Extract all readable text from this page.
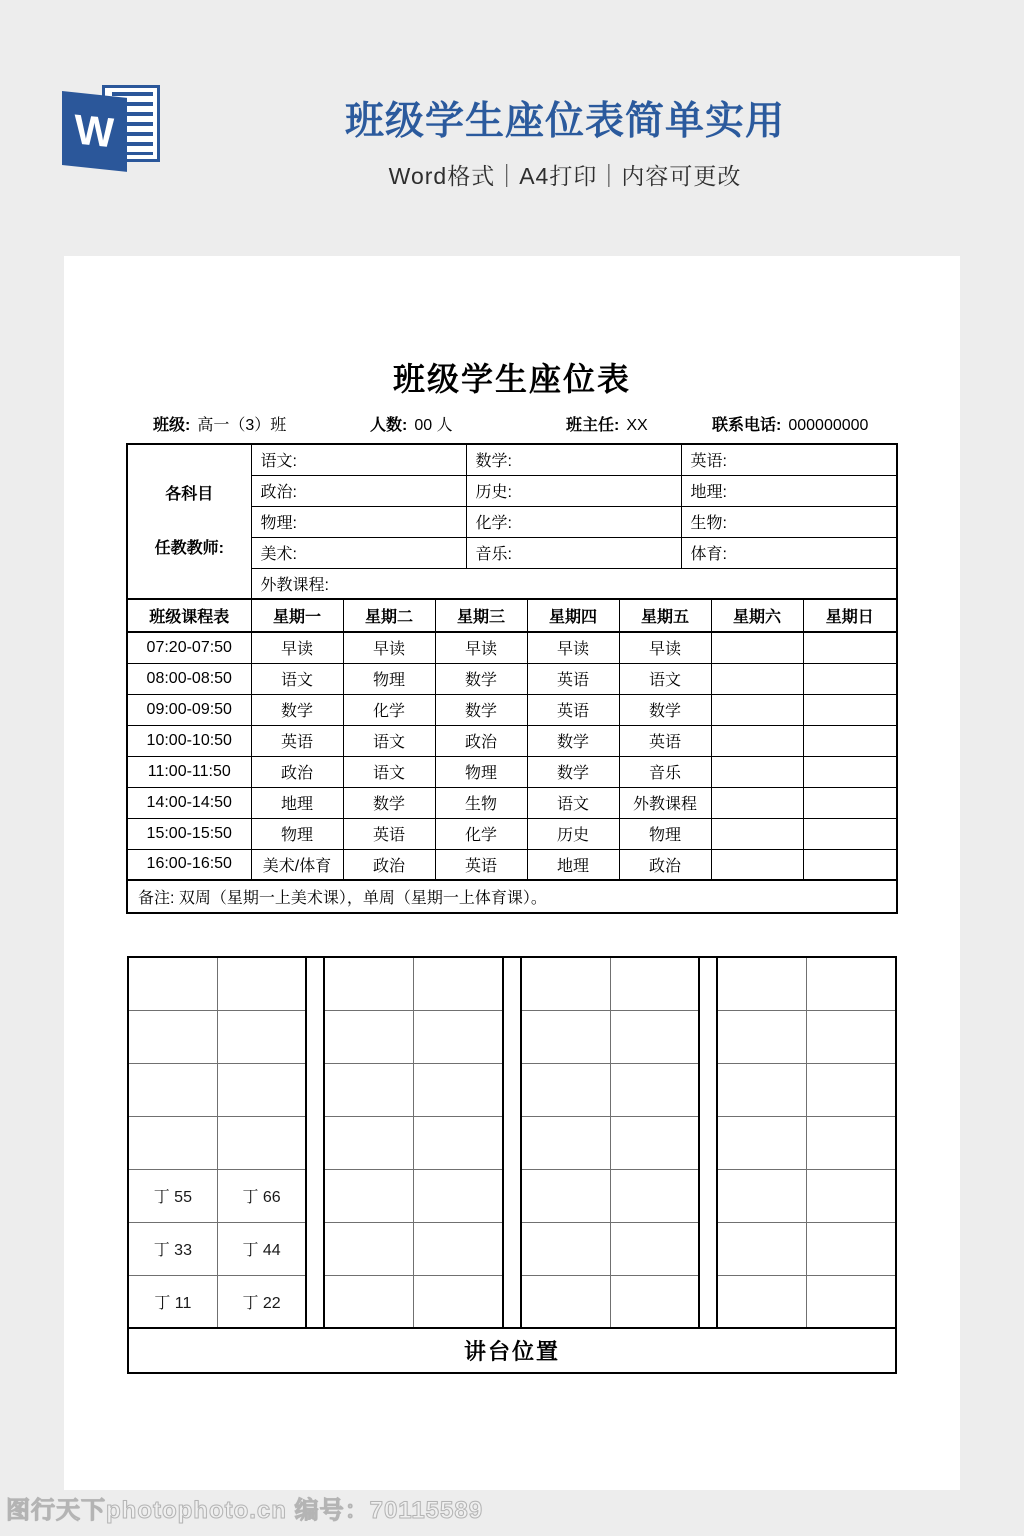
W	班级学生座位表简单实用
Word格式｜A4打印｜内容可更改
班级学生座位表
班级: 高一（3）班	人数: 00 人	班主任: XX	联系电话: 000000000
各科目
任教教师:	语文:	数学:	英语:
	政治:	历史:	地理:
	物理:	化学:	生物:
	美术:	音乐:	体育:
	外教课程:		
班级课程表	星期一	星期二	星期三	星期四	星期五	星期六	星期日
07:20-07:50	早读	早读	早读	早读	早读		
08:00-08:50	语文	物理	数学	英语	语文		
09:00-09:50	数学	化学	数学	英语	数学		
10:00-10:50	英语	语文	政治	数学	英语		
11:00-11:50	政治	语文	物理	数学	音乐		
14:00-14:50	地理	数学	生物	语文	外教课程		
15:00-15:50	物理	英语	化学	历史	物理		
16:00-16:50	美术/体育	政治	英语	地理	政治		
备注: 双周（星期一上美术课），单周（星期一上体育课）。							

丁 55	丁 66									
丁 33	丁 44									
丁 11	丁 22									
讲台位置										
图行天下photophoto.cn 编号：70115589
